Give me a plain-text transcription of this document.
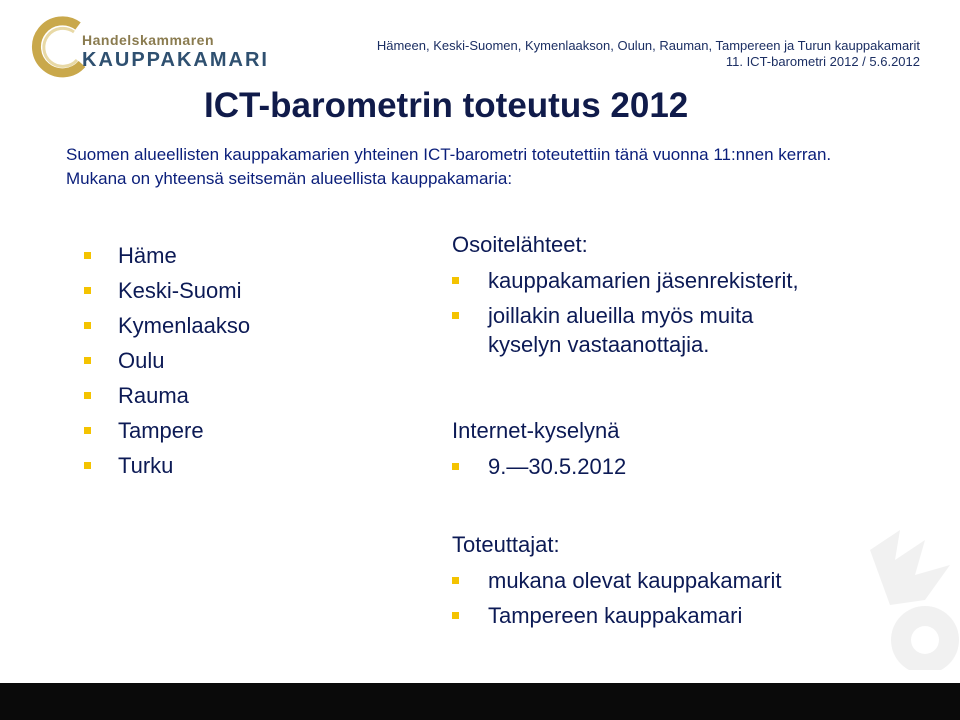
Handelskammaren
KAUPPAKAMARI
Hämeen, Keski-Suomen, Kymenlaakson, Oulun, Rauman, Tampereen ja Turun kauppakamarit
11. ICT-barometri 2012 / 5.6.2012
ICT-barometrin toteutus 2012
Suomen alueellisten kauppakamarien yhteinen ICT-barometri toteutettiin tänä vuonna 11:nnen kerran. Mukana on yhteensä seitsemän alueellista kauppakamaria:
Häme
Keski-Suomi
Kymenlaakso
Oulu
Rauma
Tampere
Turku
Osoitelähteet:
kauppakamarien jäsenrekisterit,
joillakin alueilla myös muita
kyselyn vastaanottajia.
Internet-kyselynä
9.—30.5.2012
Toteuttajat:
mukana olevat kauppakamarit
Tampereen kauppakamari
